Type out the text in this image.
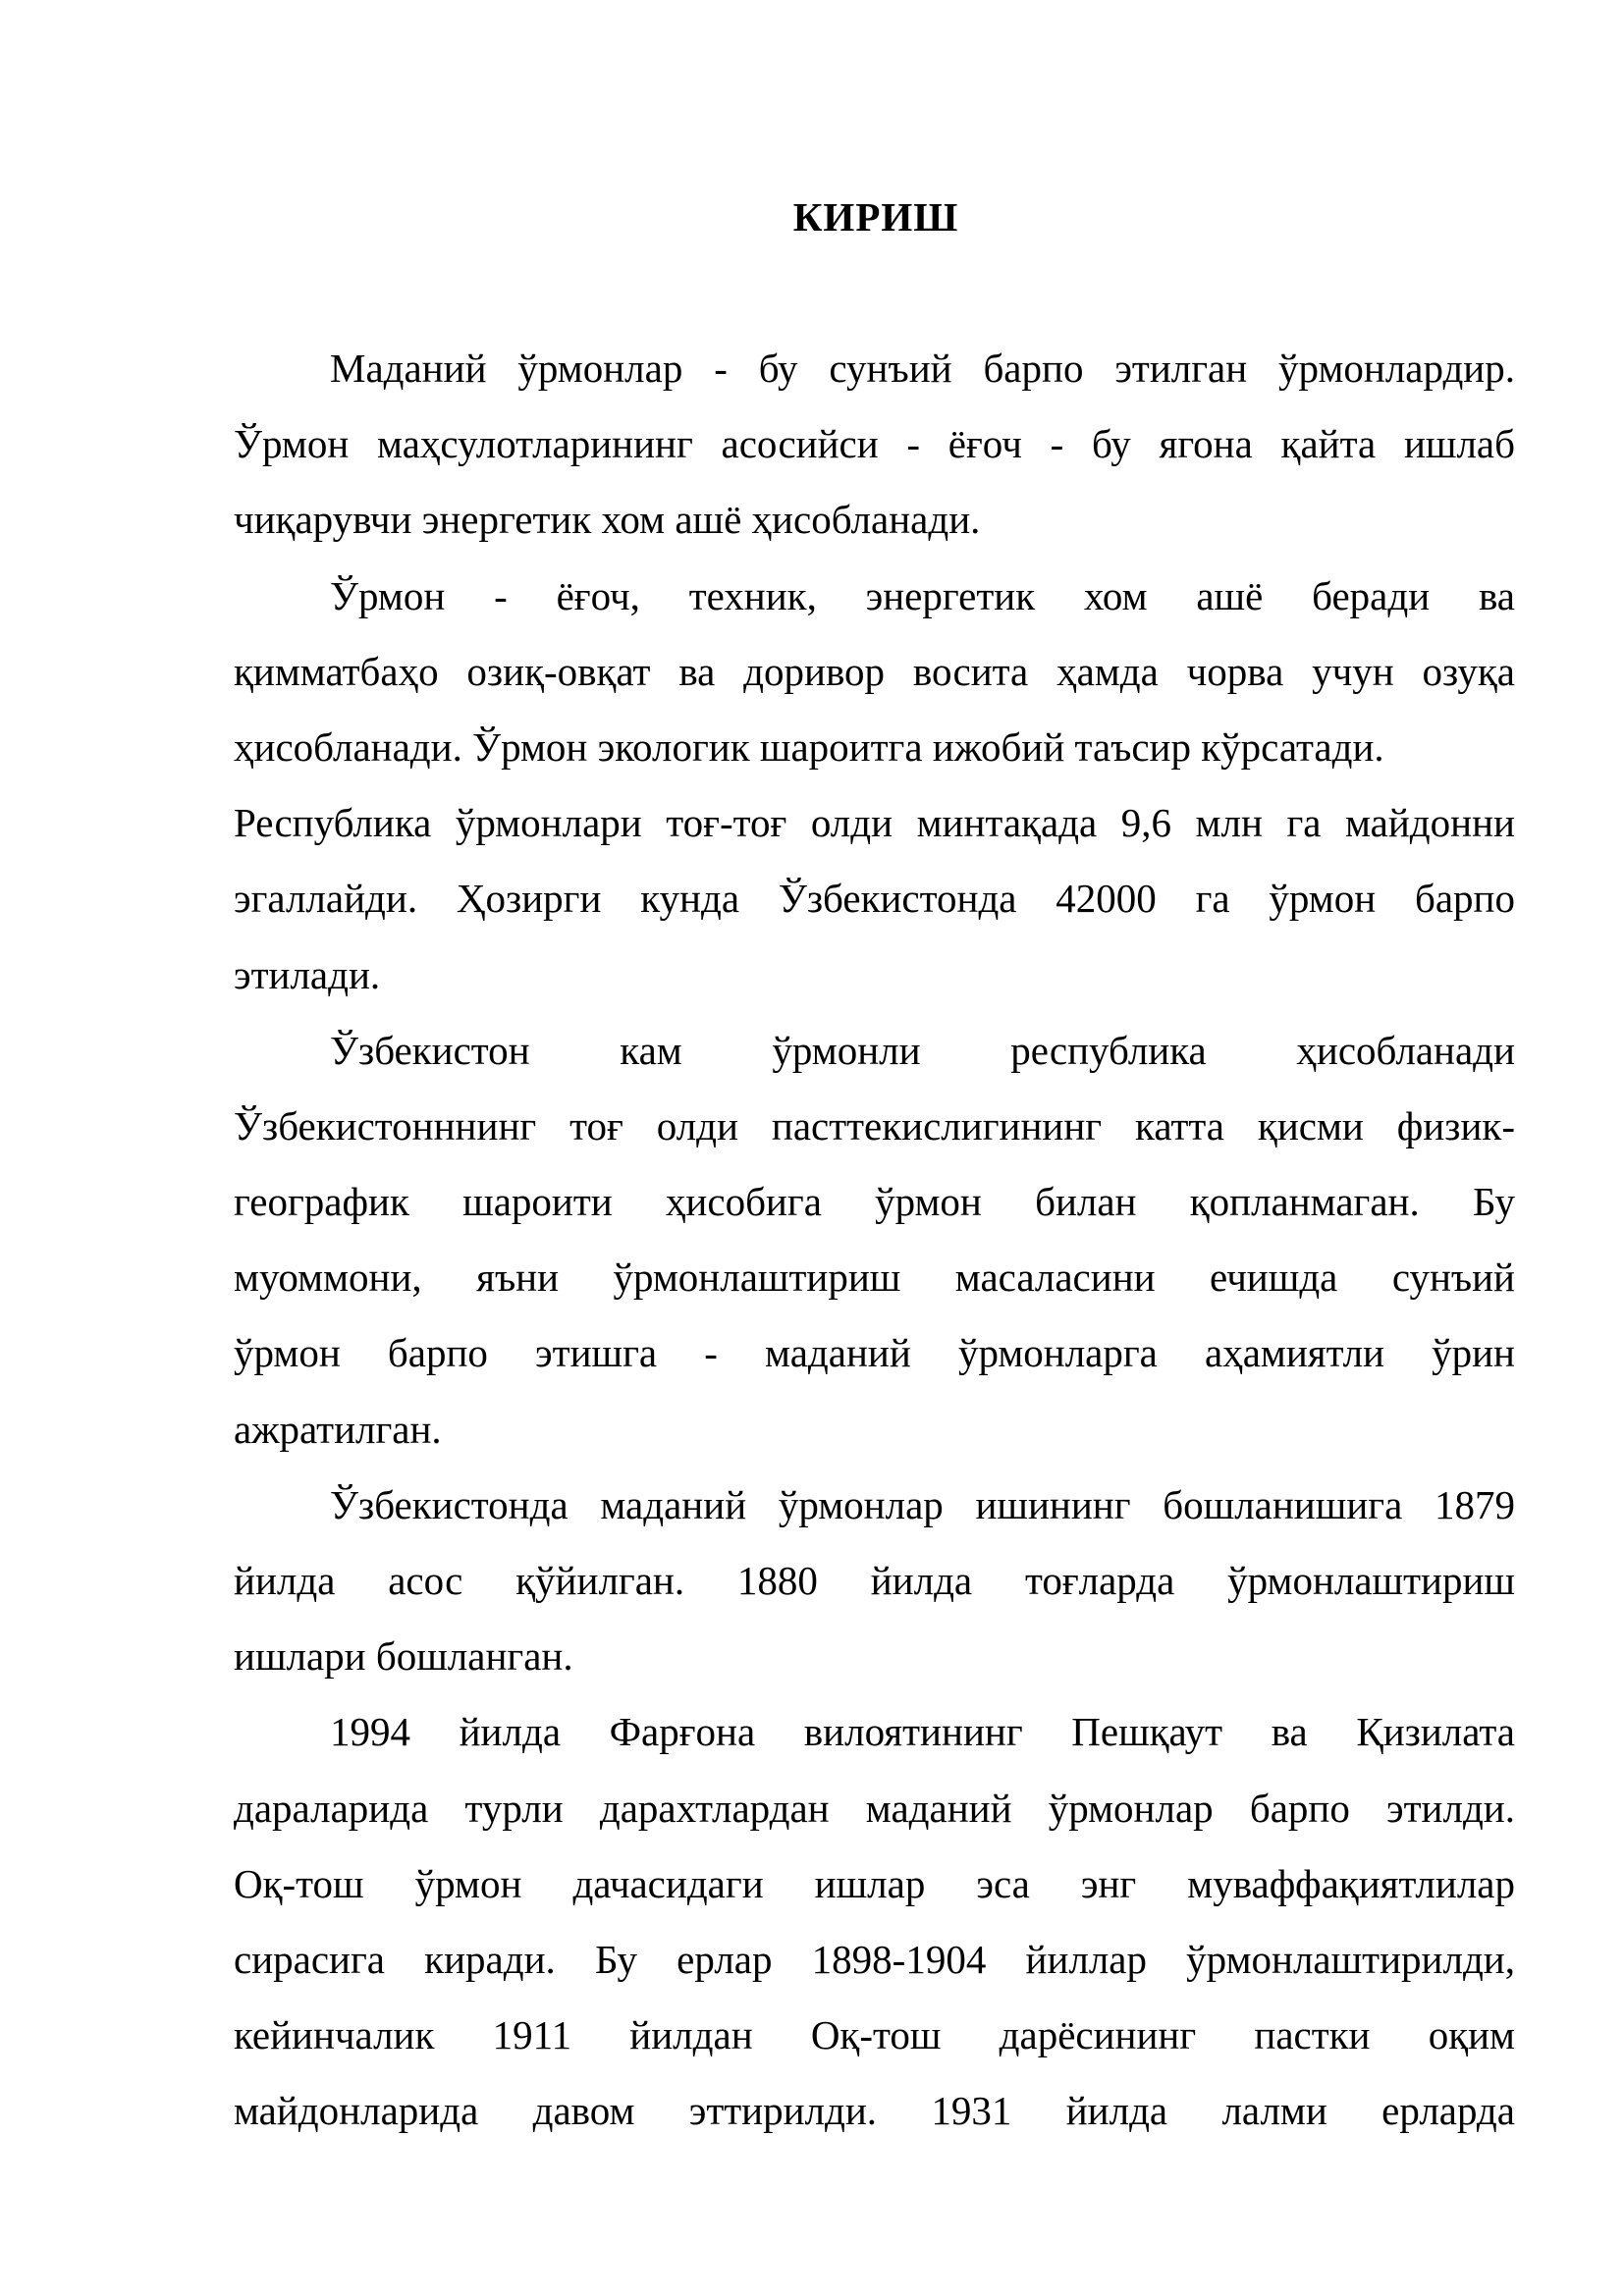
КИРИШ
Маданий ўрмонлар - бу сунъий барпо этилган ўрмонлардир.
Ўрмон маҳсулотларининг асосийси - ёғоч - бу ягона қайта ишлаб
чиқарувчи энергетик хом ашё ҳисобланади.
Ўрмон - ёғоч, техник, энергетик хом ашё беради ва
қимматбаҳо озиқ-овқат ва доривор восита ҳамда чорва учун озуқа
ҳисобланади. Ўрмон экологик шароитга ижобий таъсир кўрсатади.
Республика ўрмонлари тоғ-тоғ олди минтақада 9,6 млн га майдонни
эгаллайди. Ҳозирги кунда Ўзбекистонда 42000 га ўрмон барпо
этилади.
Ўзбекистон кам ўрмонли республика ҳисобланади
Ўзбекистонннинг тоғ олди пасттекислигининг катта қисми физик-
географик шароити ҳисобига ўрмон билан қопланмаган. Бу
муоммони, яъни ўрмонлаштириш масаласини ечишда сунъий
ўрмон барпо этишга - маданий ўрмонларга аҳамиятли ўрин
ажратилган.
Ўзбекистонда маданий ўрмонлар ишининг бошланишига 1879
йилда асос қўйилган. 1880 йилда тоғларда ўрмонлаштириш
ишлари бошланган.
1994 йилда Фарғона вилоятининг Пешқаут ва Қизилата
дараларида турли дарахтлардан маданий ўрмонлар барпо этилди.
Оқ-тош ўрмон дачасидаги ишлар эса энг муваффақиятлилар
сирасига киради. Бу ерлар 1898-1904 йиллар ўрмонлаштирилди,
кейинчалик 1911 йилдан Оқ-тош дарёсининг пастки оқим
майдонларида давом эттирилди. 1931 йилда лалми ерларда
